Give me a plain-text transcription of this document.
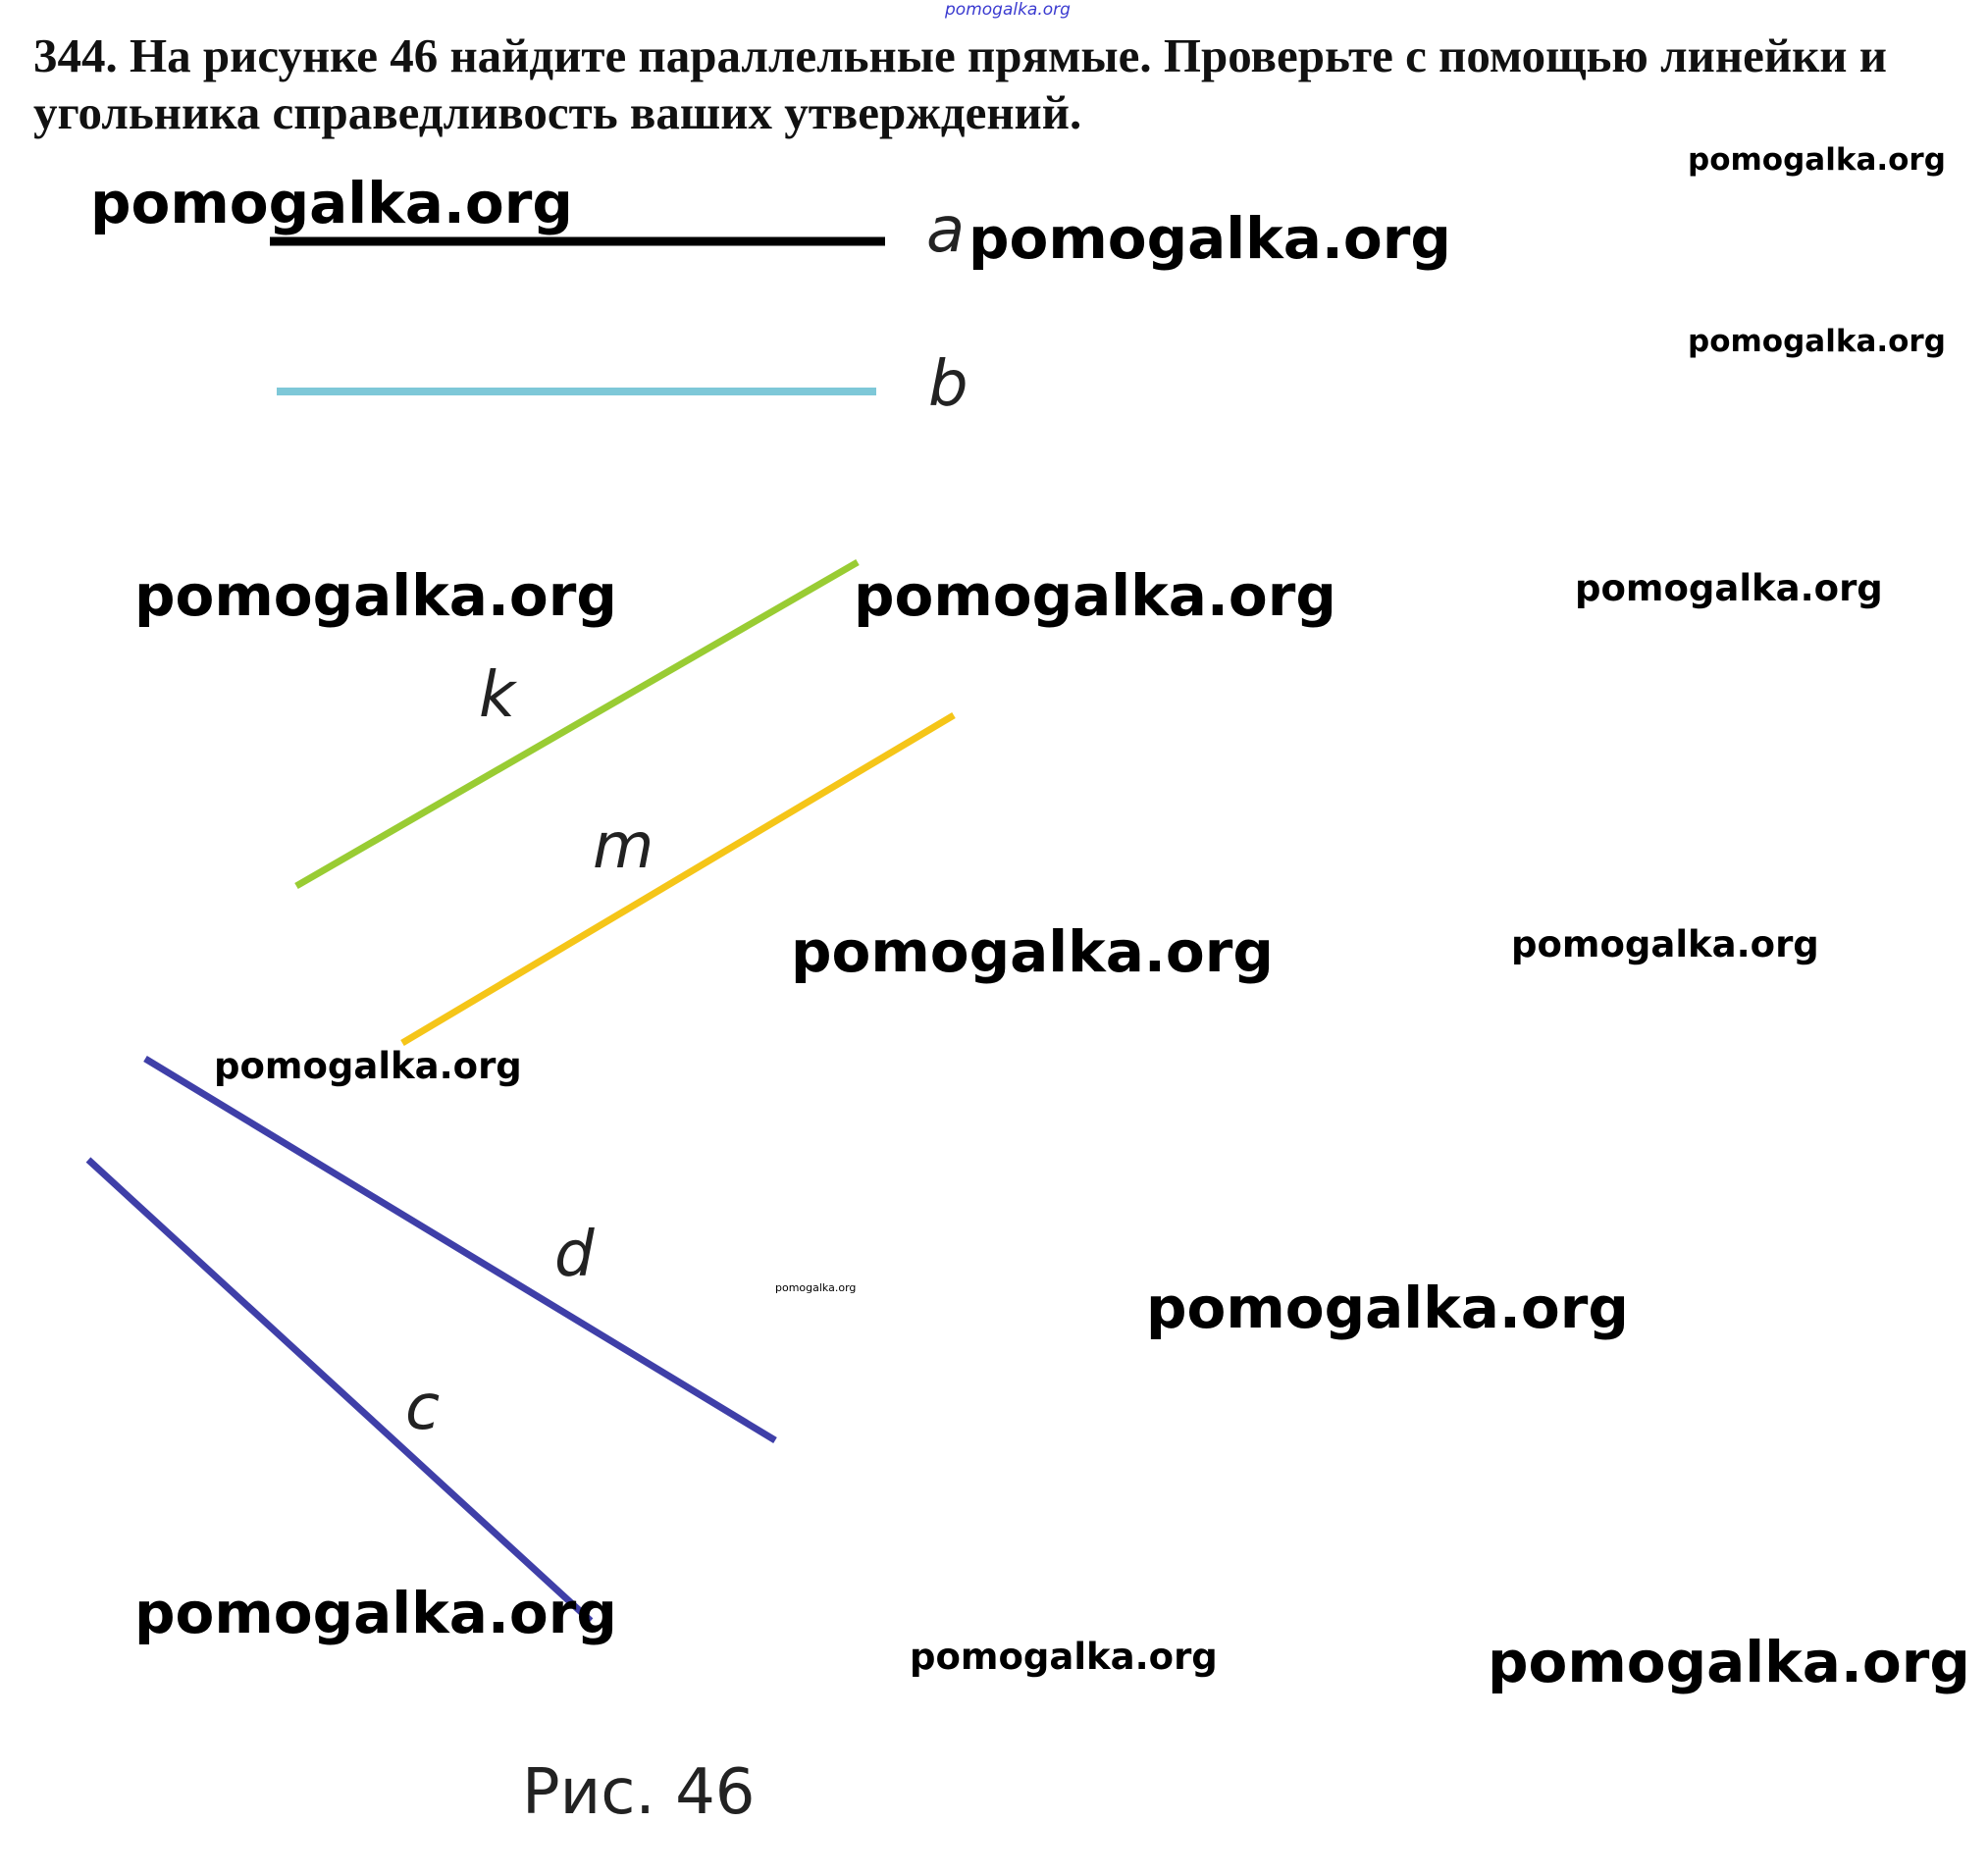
pomogalka.org

344. На рисунке 46 найдите параллельные прямые. Проверьте с помощью линейки и угольника справедливость ваших утверждений.

a
b
k
m
d
c
Рис. 46
pomogalka.org
pomogalka.org
pomogalka.org
pomogalka.org
pomogalka.org	pomogalka.org	pomogalka.org
pomogalka.org	pomogalka.org
pomogalka.org
pomogalka.org	pomogalka.org
pomogalka.org
pomogalka.org	pomogalka.org
